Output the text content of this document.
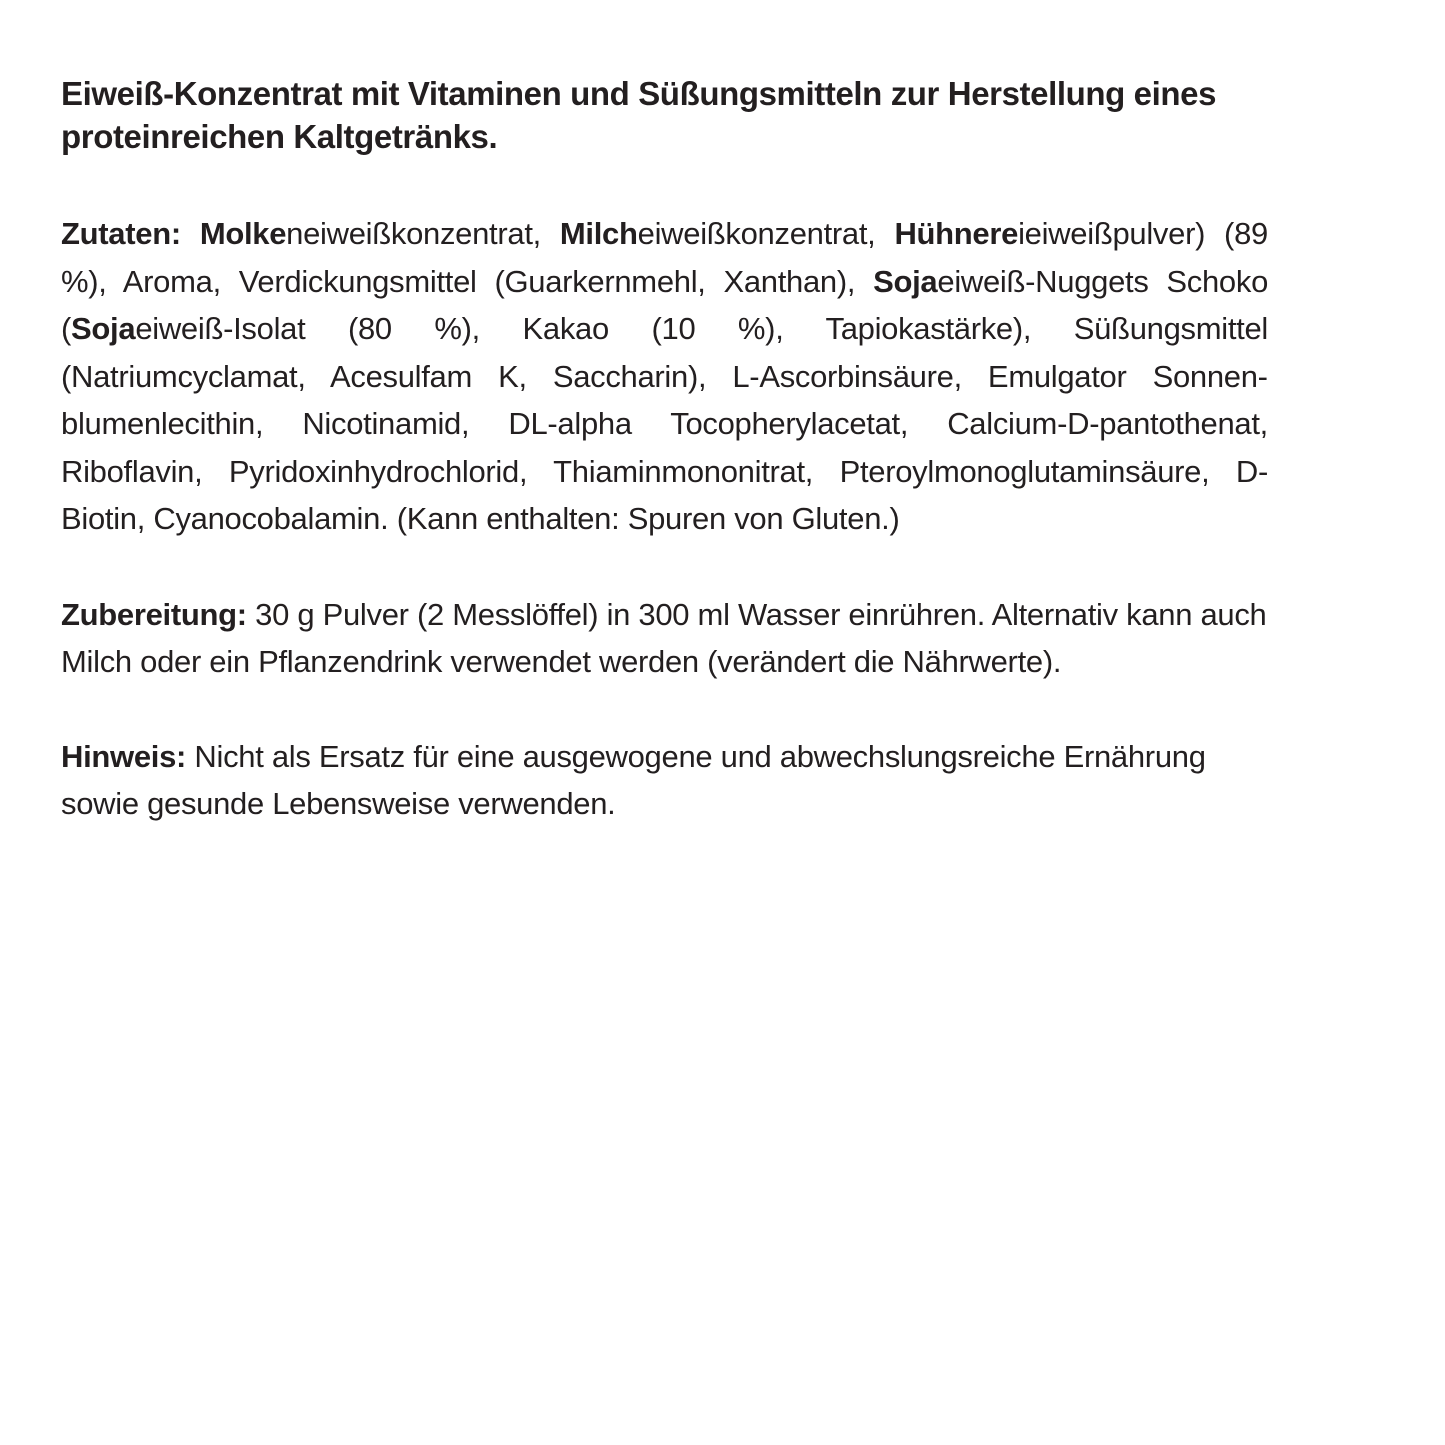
Eiweiß-Konzentrat mit Vitaminen und Süßungsmitteln zur Herstellung eines proteinreichen Kaltgetränks.

Zutaten: Molkeneiweißkonzentrat, Milcheiweißkonzentrat, Hühnereieiweißpulver) (89 %), Aroma, Verdickungsmittel (Guarkernmehl, Xanthan), Sojaeiweiß-Nuggets Schoko (Sojaeiweiß-Isolat (80 %), Kakao (10 %), Tapiokastärke), Süßungsmittel (Natriumcyclamat, Acesulfam K, Saccharin), L-Ascorbinsäure, Emulgator Sonnenblumenlecithin, Nicotinamid, DL-alpha Tocopherylacetat, Calcium-D-pantothenat, Riboflavin, Pyridoxinhydrochlorid, Thiaminmononitrat, Pteroylmonoglutaminsäure, D-Biotin, Cyanocobalamin. (Kann enthalten: Spuren von Gluten.)

Zubereitung: 30 g Pulver (2 Messlöffel) in 300 ml Wasser einrühren. Alternativ kann auch Milch oder ein Pflanzendrink verwendet werden (verändert die Nährwerte).

Hinweis: Nicht als Ersatz für eine ausgewogene und abwechslungsreiche Ernährung sowie gesunde Lebensweise verwenden.
